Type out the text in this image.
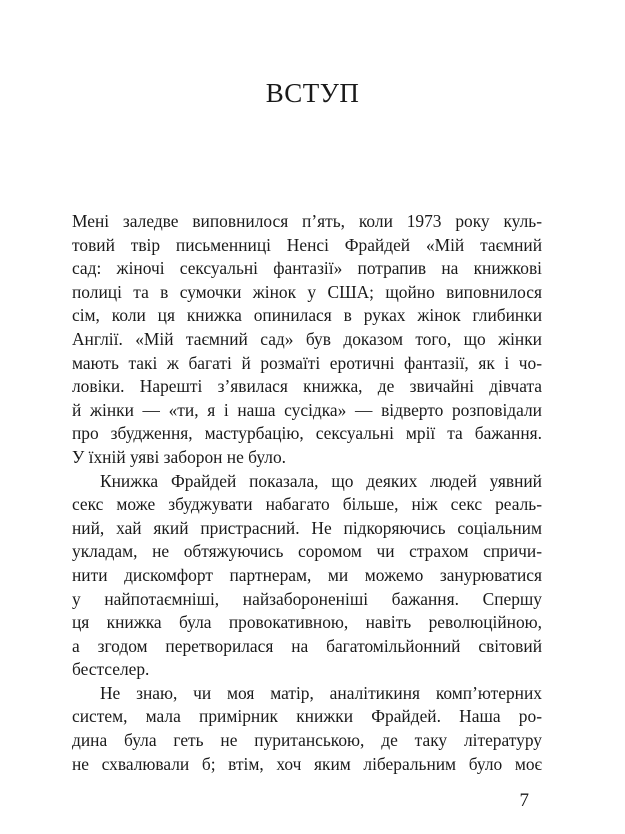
ВСТУП
Мені заледве виповнилося п’ять, коли 1973 року куль-
товий твір письменниці Ненсі Фрайдей «Мій таємний
сад: жіночі сексуальні фантазії» потрапив на книжкові
полиці та в сумочки жінок у США; щойно виповнилося
сім, коли ця книжка опинилася в руках жінок глибинки
Англії. «Мій таємний сад» був доказом того, що жінки
мають такі ж багаті й розмаїті еротичні фантазії, як і чо-
ловіки. Нарешті з’явилася книжка, де звичайні дівчата
й жінки — «ти, я і наша сусідка» — відверто розповідали
про збудження, мастурбацію, сексуальні мрії та бажання.
У їхній уяві заборон не було.
Книжка Фрайдей показала, що деяких людей уявний
секс може збуджувати набагато більше, ніж секс реаль-
ний, хай який пристрасний. Не підкоряючись соціальним
укладам, не обтяжуючись соромом чи страхом спричи-
нити дискомфорт партнерам, ми можемо занурюватися
у найпотаємніші, найзабороненіші бажання. Спершу
ця книжка була провокативною, навіть революційною,
а згодом перетворилася на багатомільйонний світовий
бестселер.
Не знаю, чи моя матір, аналітикиня комп’ютерних
систем, мала примірник книжки Фрайдей. Наша ро-
дина була геть не пуританською, де таку літературу
не схвалювали б; втім, хоч яким ліберальним було моє
7
